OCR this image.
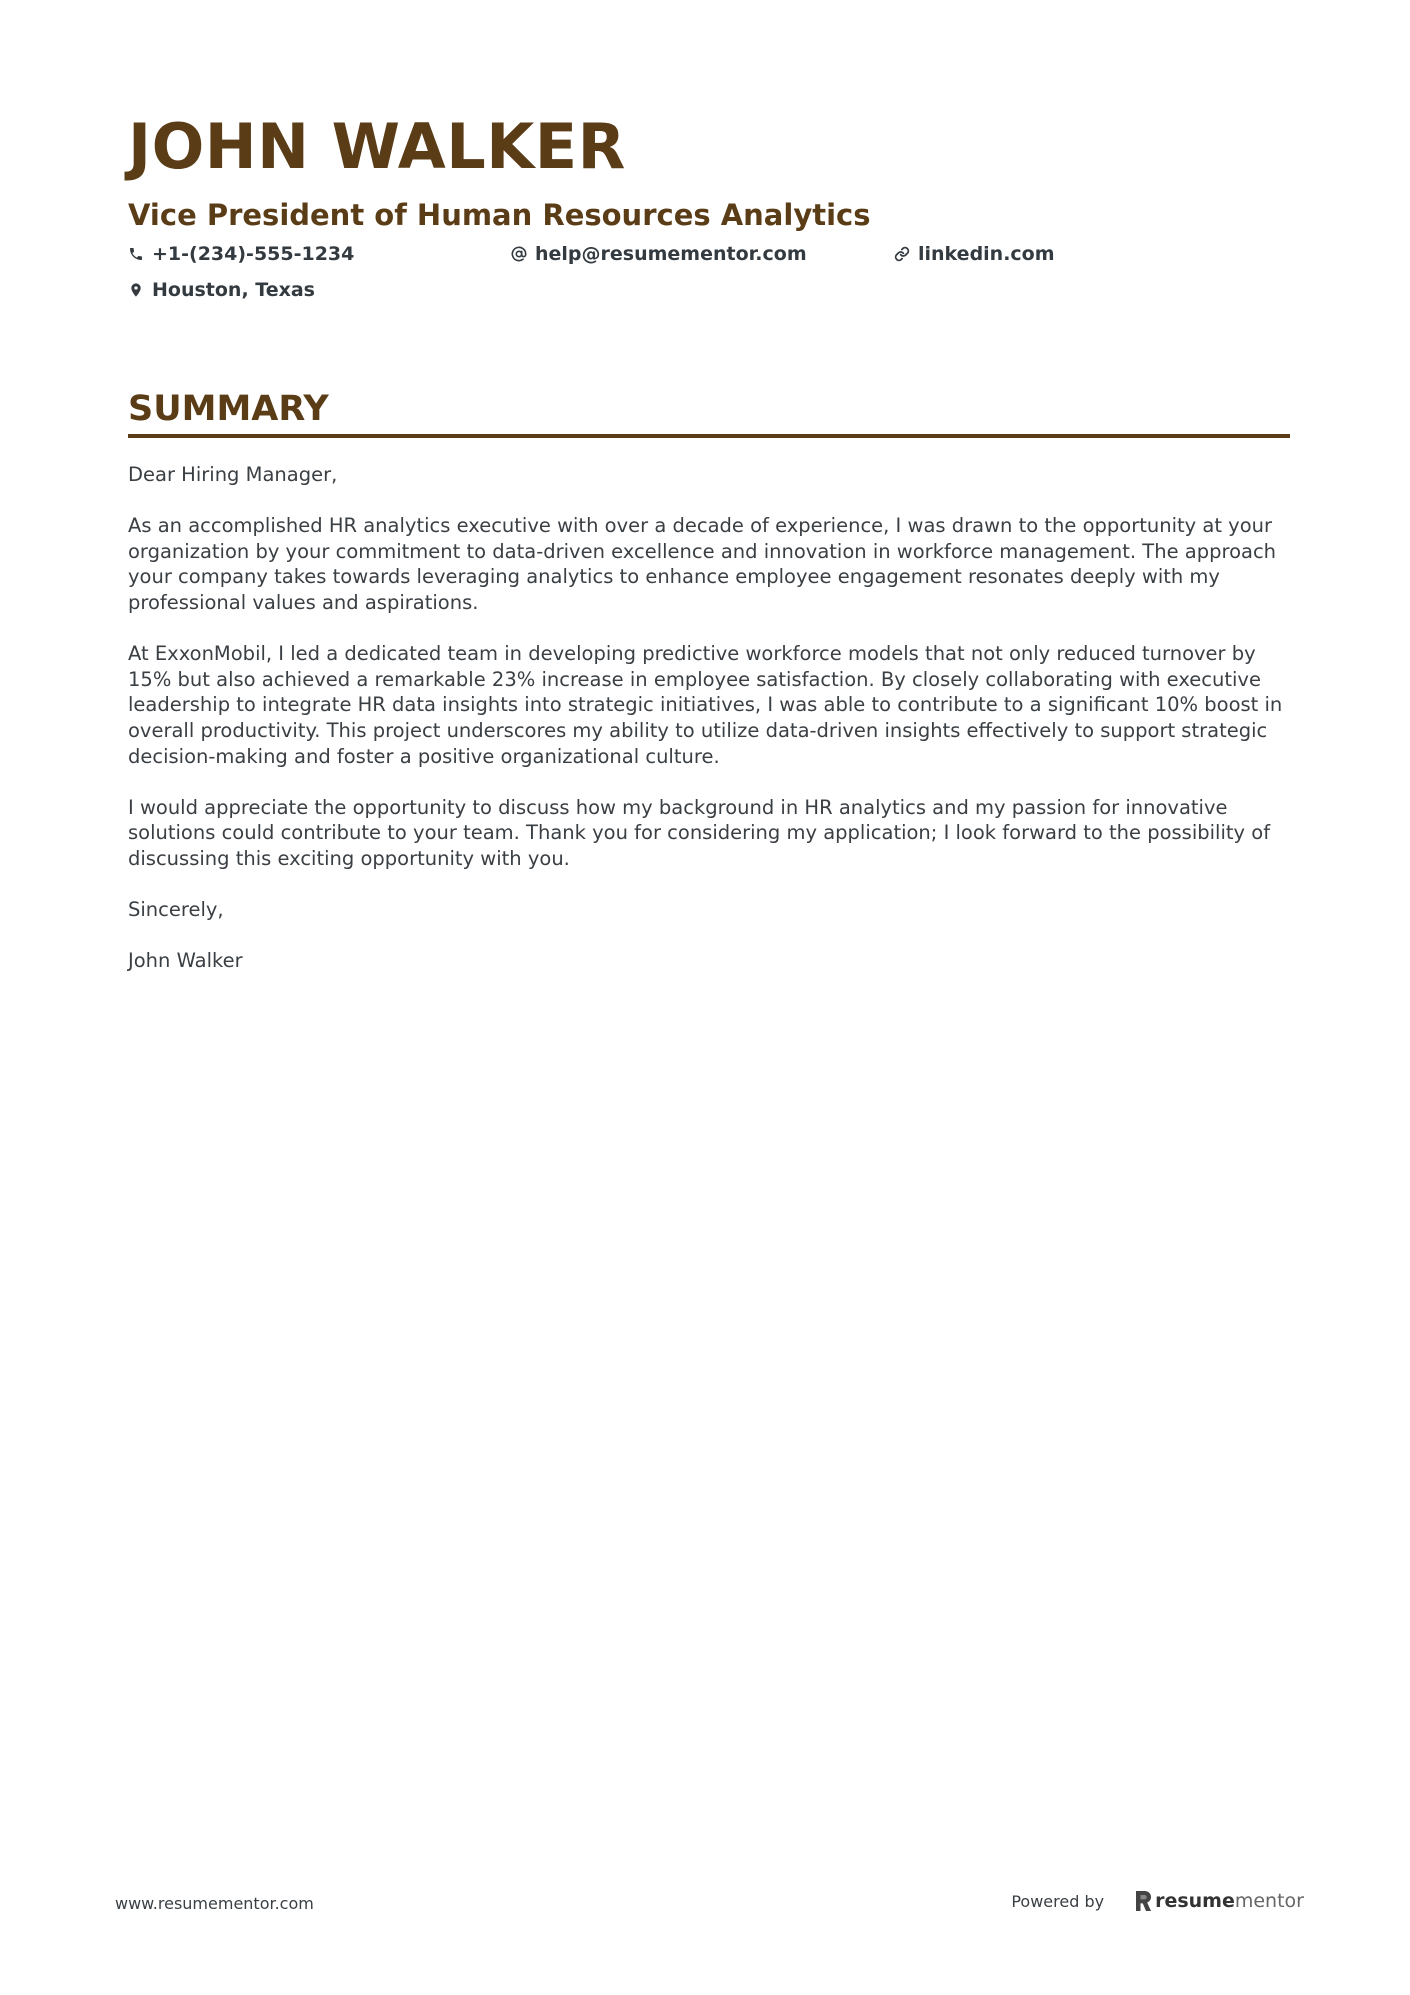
JOHN WALKER
Vice President of Human Resources Analytics
+1-(234)-555-1234	help@resumementor.com	linkedin.com
Houston, Texas
SUMMARY

Dear Hiring Manager,

As an accomplished HR analytics executive with over a decade of experience, I was drawn to the opportunity at your organization by your commitment to data-driven excellence and innovation in workforce management. The approach your company takes towards leveraging analytics to enhance employee engagement resonates deeply with my professional values and aspirations.

At ExxonMobil, I led a dedicated team in developing predictive workforce models that not only reduced turnover by 15% but also achieved a remarkable 23% increase in employee satisfaction. By closely collaborating with executive leadership to integrate HR data insights into strategic initiatives, I was able to contribute to a significant 10% boost in overall productivity. This project underscores my ability to utilize data-driven insights effectively to support strategic decision-making and foster a positive organizational culture.

I would appreciate the opportunity to discuss how my background in HR analytics and my passion for innovative solutions could contribute to your team. Thank you for considering my application; I look forward to the possibility of discussing this exciting opportunity with you.

Sincerely,

John Walker

www.resumementor.com	Powered by	resumementor
